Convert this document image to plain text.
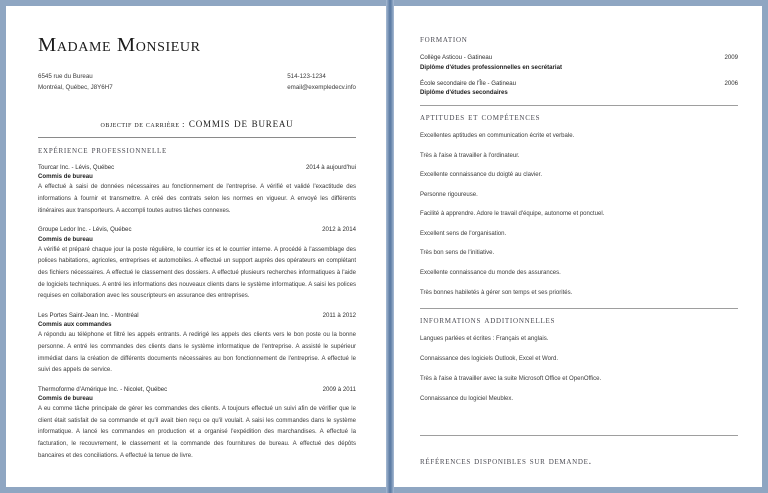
Madame Monsieur
6545 rue du Bureau
Montréal, Québec, J8Y6H7
514-123-1234
email@exempledecv.info
objectif de carrière : commis de bureau
expérience professionnelle
Tourcar Inc. - Lévis, Québec	2014 à aujourd'hui
Commis de bureau
A effectué à saisi de données nécessaires au fonctionnement de l'entreprise. A vérifié et validé l'exactitude des informations à fournir et transmettre. A créé des contrats selon les normes en vigueur. A envoyé les différents itinéraires aux transporteurs. A accompli toutes autres tâches connexes.
Groupe Ledor Inc. - Lévis, Québec	2012 à 2014
Commis de bureau
A vérifié et préparé chaque jour la poste régulière, le courrier ics et le courrier interne. A procédé à l'assemblage des polices habitations, agricoles, entreprises et automobiles. A effectué un support auprès des opérateurs en complétant des fichiers nécessaires. A effectué le classement des dossiers. A effectué plusieurs recherches informatiques à l'aide de logiciels techniques. A entré les informations des nouveaux clients dans le système informatique. A saisi les polices requises en collaboration avec les souscripteurs en assurance des entreprises.
Les Portes Saint-Jean Inc. - Montréal	2011 à 2012
Commis aux commandes
A répondu au téléphone et filtré les appels entrants. A redirigé les appels des clients vers le bon poste ou la bonne personne. A entré les commandes des clients dans le système informatique de l'entreprise. A assisté le supérieur immédiat dans la création de différents documents nécessaires au bon fonctionnement de l'entreprise. A effectué le suivi des appels de service.
Thermoforme d'Amérique Inc. - Nicolet, Québec	2009 à 2011
Commis de bureau
A eu comme tâche principale de gérer les commandes des clients. A toujours effectué un suivi afin de vérifier que le client était satisfait de sa commande et qu'il avait bien reçu ce qu'il voulait. A saisi les commandes dans le système informatique. A lancé les commandes en production et a organisé l'expédition des marchandises. A effectué la facturation, le recouvrement, le classement et la commande des fournitures de bureau. A effectué des dépôts bancaires et des conciliations. A effectué la tenue de livre.
formation
Collège Asticou - Gatineau	2009
Diplôme d'études professionnelles en secrétariat
École secondaire de l'Île - Gatineau	2006
Diplôme d'études secondaires
aptitudes et compétences
Excellentes aptitudes en communication écrite et verbale.
Très à l'aise à travailler à l'ordinateur.
Excellente connaissance du doigté au clavier.
Personne rigoureuse.
Facilité à apprendre. Adore le travail d'équipe, autonome et ponctuel.
Excellent sens de l'organisation.
Très bon sens de l'initiative.
Excellente connaissance du monde des assurances.
Très bonnes habiletés à gérer son temps et ses priorités.
informations additionnelles
Langues parlées et écrites : Français et anglais.
Connaissance des logiciels Outlook, Excel et Word.
Très à l'aise à travailler avec la suite Microsoft Office et OpenOffice.
Connaissance du logiciel Meublex.
références disponibles sur demande.
